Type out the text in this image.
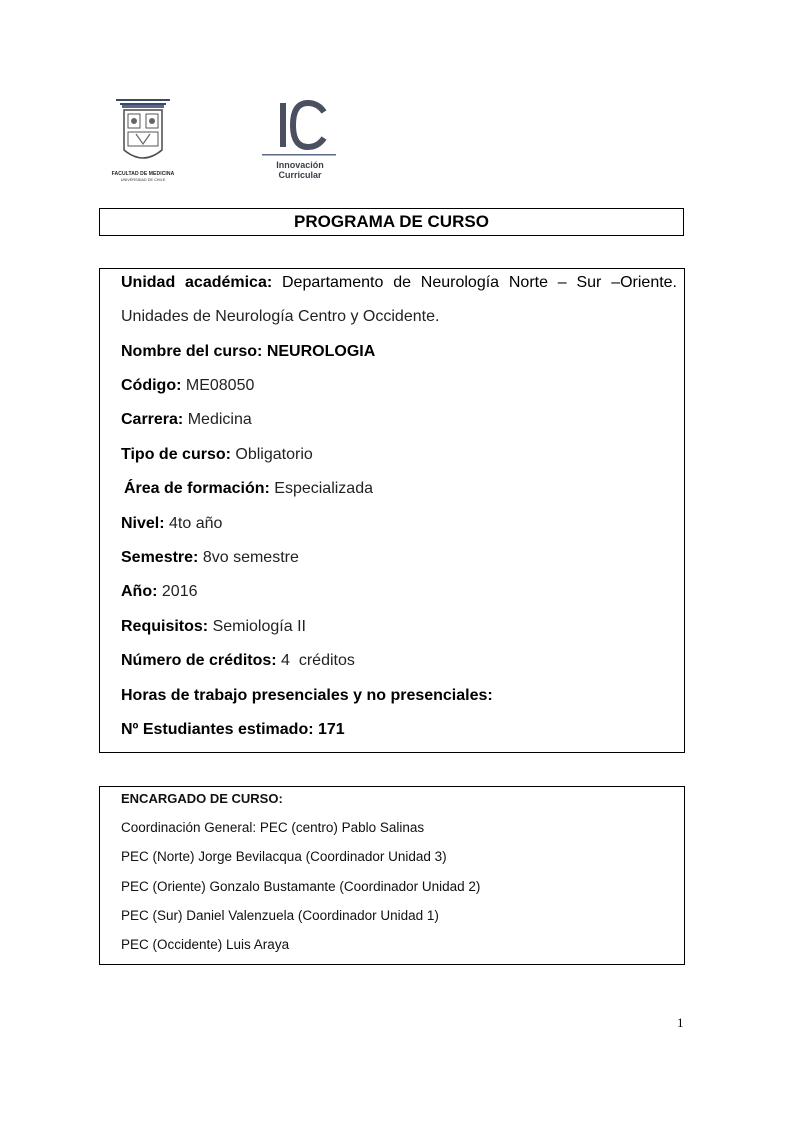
FACULTAD DE MEDICINA
UNIVERSIDAD DE CHILE
Innovación
Curricular
PROGRAMA DE CURSO
Unidad académica: Departamento de Neurología Norte – Sur –Oriente.
Unidades de Neurología Centro y Occidente.
Nombre del curso: NEUROLOGIA
Código: ME08050
Carrera: Medicina
Tipo de curso: Obligatorio
Área de formación: Especializada
Nivel: 4to año
Semestre: 8vo semestre
Año: 2016
Requisitos: Semiología II
Número de créditos: 4  créditos
Horas de trabajo presenciales y no presenciales:
Nº Estudiantes estimado: 171
ENCARGADO DE CURSO:
Coordinación General: PEC (centro) Pablo Salinas
PEC (Norte) Jorge Bevilacqua (Coordinador Unidad 3)
PEC (Oriente) Gonzalo Bustamante (Coordinador Unidad 2)
PEC (Sur) Daniel Valenzuela (Coordinador Unidad 1)
PEC (Occidente) Luis Araya
1
